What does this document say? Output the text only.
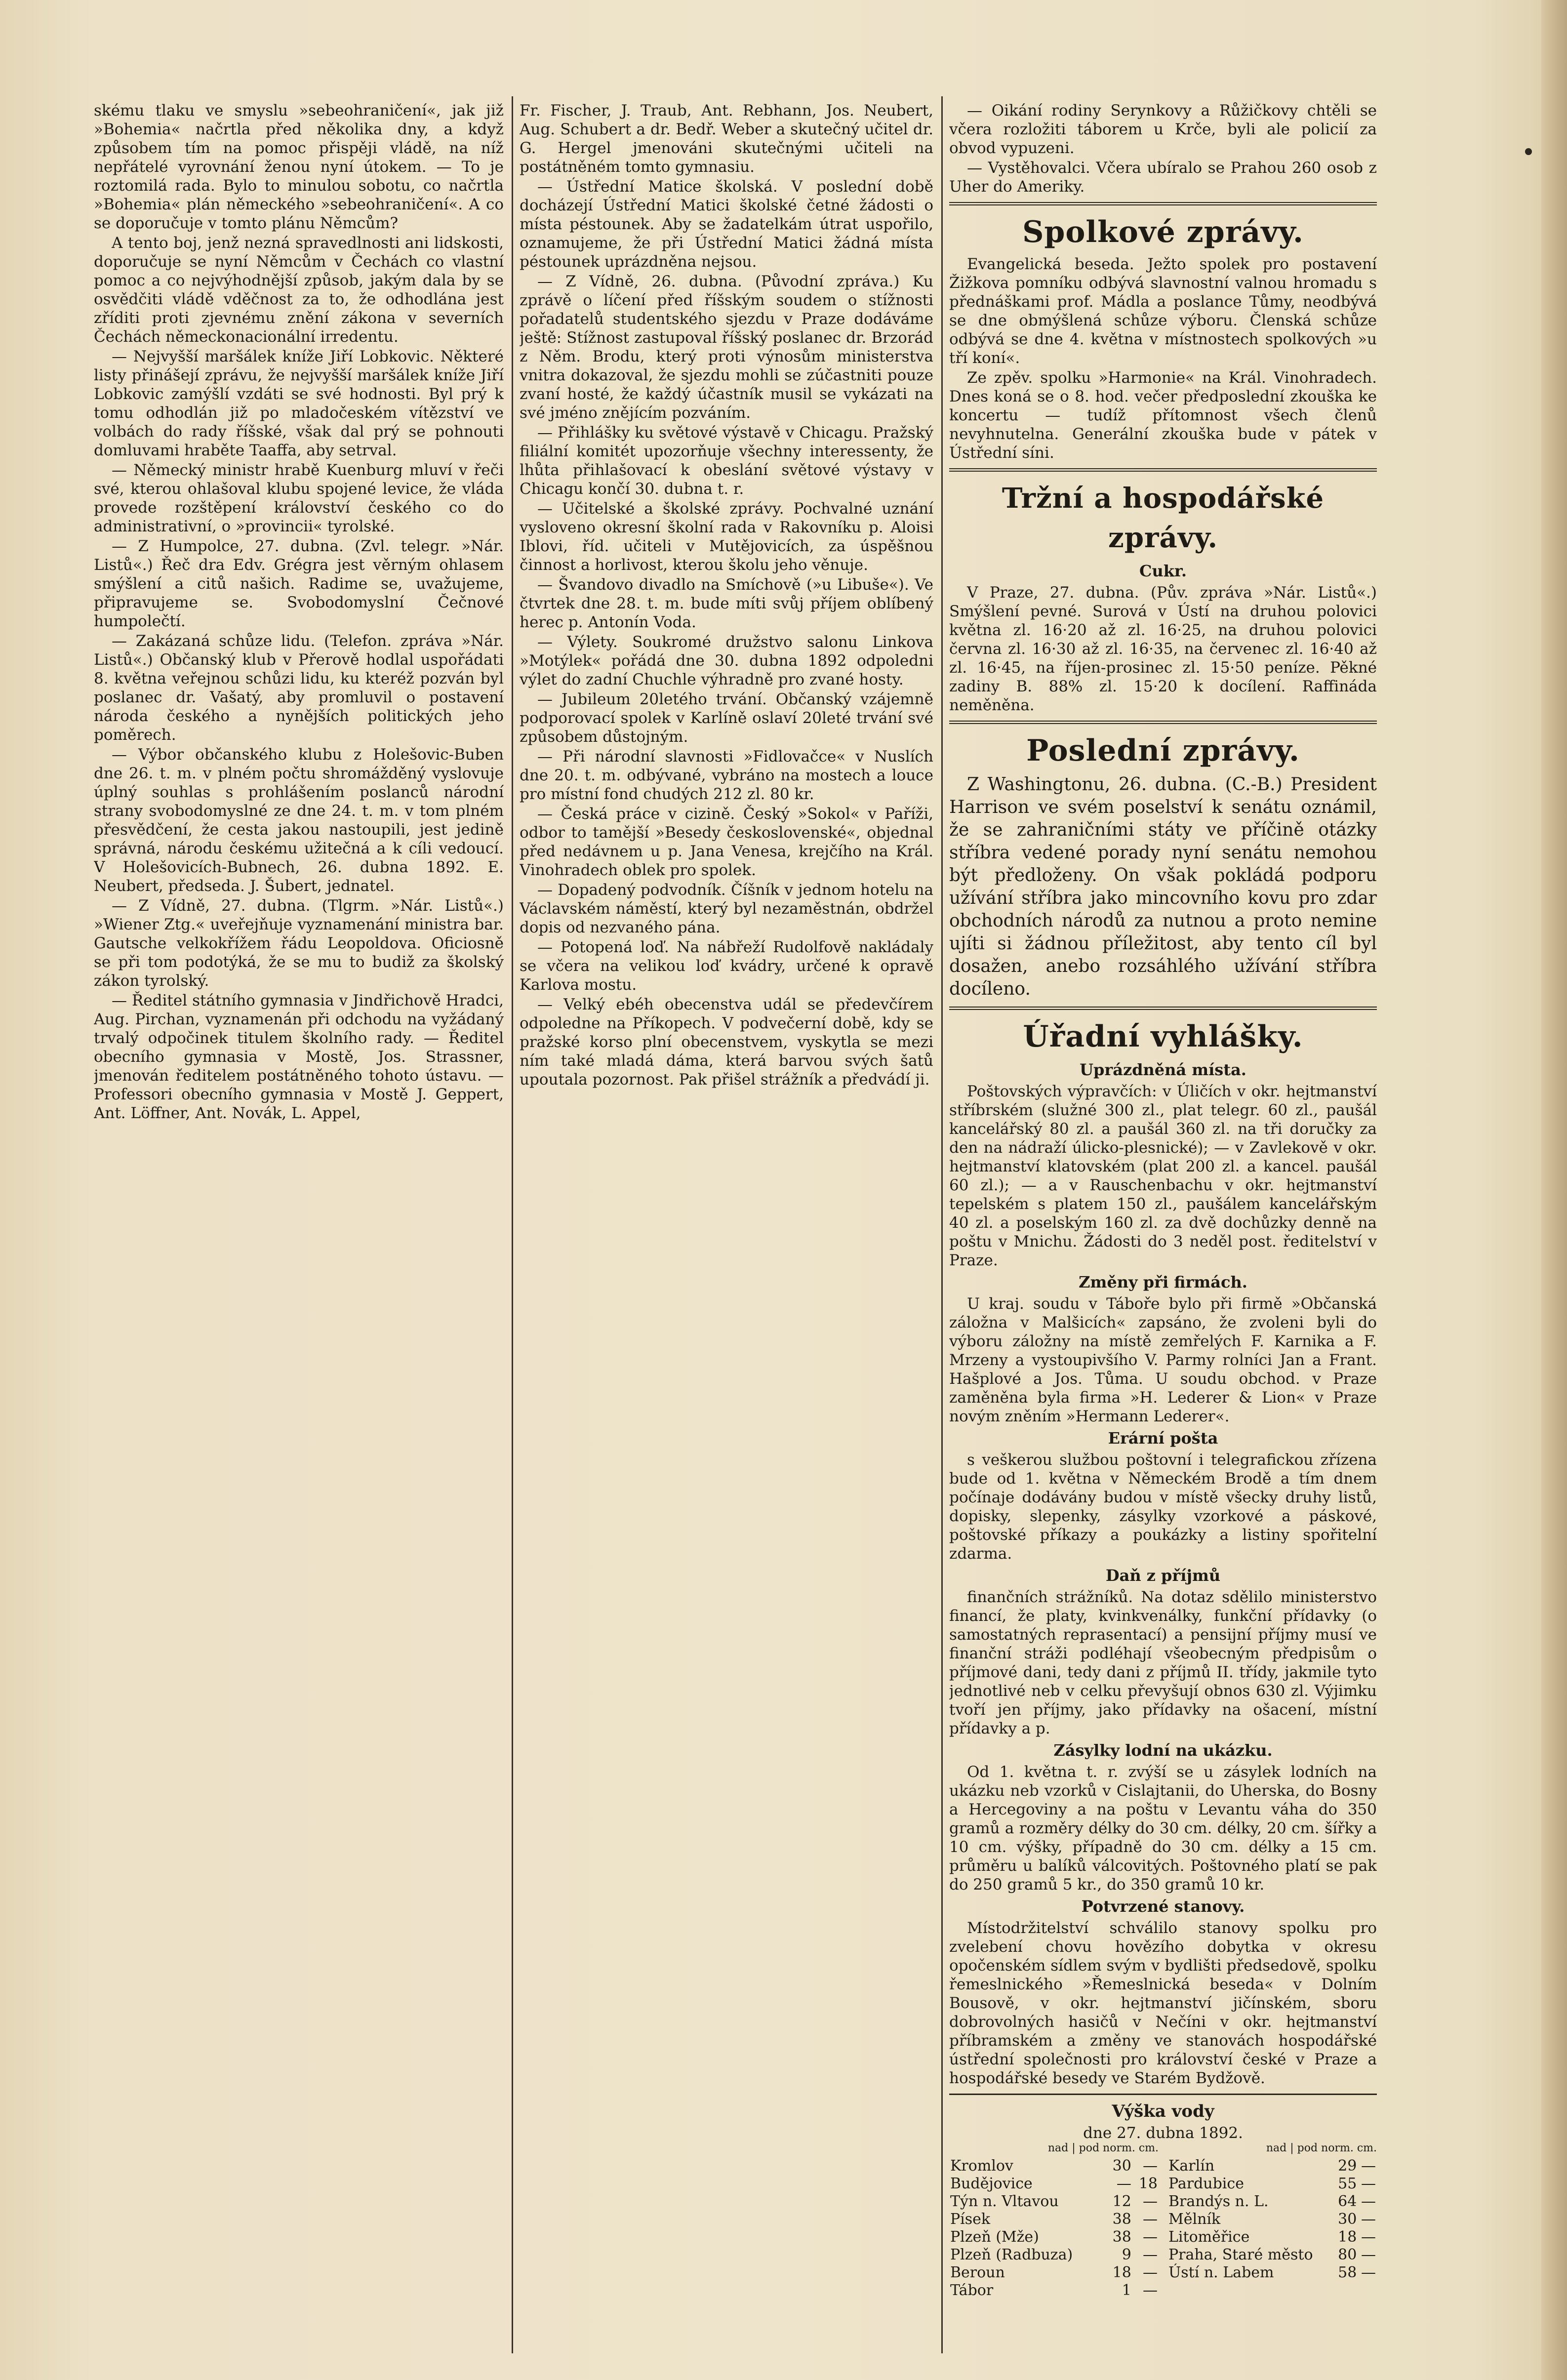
skému tlaku ve smyslu »sebeohraničení«, jak již »Bohemia« načrtla před několika dny, a když způsobem tím na pomoc přispěji vládě, na níž nepřátelé vyrovnání ženou nyní útokem. — To je roztomilá rada. Bylo to minulou sobotu, co načrtla »Bohemia« plán německého »sebeohraničení«. A co se doporučuje v tomto plánu Němcům?

A tento boj, jenž nezná spravedlnosti ani lidskosti, doporučuje se nyní Němcům v Čechách co vlastní pomoc a co nejvýhodnější způsob, jakým dala by se osvědčiti vládě vděčnost za to, že odhodlána jest zříditi proti zjevnému znění zákona v severních Čechách německonacionální irredentu.

— Nejvyšší maršálek kníže Jiří Lobkovic. Některé listy přinášejí zprávu, že nejvyšší maršálek kníže Jiří Lobkovic zamýšlí vzdáti se své hodnosti. Byl prý k tomu odhodlán již po mladočeském vítězství ve volbách do rady říšské, však dal prý se pohnouti domluvami hraběte Taaffa, aby setrval.

— Německý ministr hrabě Kuenburg mluví v řeči své, kterou ohlašoval klubu spojené levice, že vláda provede rozštěpení království českého co do administrativní, o »provincii« tyrolské.

— Z Humpolce, 27. dubna. (Zvl. telegr. »Nár. Listů«.) Řeč dra Edv. Grégra jest věrným ohlasem smýšlení a citů našich. Radime se, uvažujeme, připravujeme se. Svobodomyslní Čečnové humpolečtí.

— Zakázaná schůze lidu. (Telefon. zpráva »Nár. Listů«.) Občanský klub v Přerově hodlal uspořádati 8. května veřejnou schůzi lidu, ku kteréž pozván byl poslanec dr. Vašatý, aby promluvil o postavení národa českého a nynějších politických jeho poměrech.

— Výbor občanského klubu z Holešovic-Buben dne 26. t. m. v plném počtu shromážděný vyslovuje úplný souhlas s prohlášením poslanců národní strany svobodomyslné ze dne 24. t. m. v tom plném přesvědčení, že cesta jakou nastoupili, jest jedině správná, národu českému užitečná a k cíli vedoucí. V Holešovicích-Bubnech, 26. dubna 1892. E. Neubert, předseda. J. Šubert, jednatel.

— Z Vídně, 27. dubna. (Tlgrm. »Nár. Listů«.) »Wiener Ztg.« uveřejňuje vyznamenání ministra bar. Gautsche velkokřížem řádu Leopoldova. Oficiosně se při tom podotýká, že se mu to budiž za školský zákon tyrolský.

— Ředitel státního gymnasia v Jindřichově Hradci, Aug. Pirchan, vyznamenán při odchodu na vyžádaný trvalý odpočinek titulem školního rady. — Ředitel obecního gymnasia v Mostě, Jos. Strassner, jmenován ředitelem postátněného tohoto ústavu. — Professori obecního gymnasia v Mostě J. Geppert, Ant. Löffner, Ant. Novák, L. Appel,

Fr. Fischer, J. Traub, Ant. Rebhann, Jos. Neubert, Aug. Schubert a dr. Bedř. Weber a skutečný učitel dr. G. Hergel jmenováni skutečnými učiteli na postátněném tomto gymnasiu.

— Ústřední Matice školská. V poslední době docházejí Ústřední Matici školské četné žádosti o místa péstounek. Aby se žadatelkám útrat uspořilo, oznamujeme, že při Ústřední Matici žádná místa péstounek uprázdněna nejsou.

— Z Vídně, 26. dubna. (Původní zpráva.) Ku zprávě o líčení před říšským soudem o stížnosti pořadatelů studentského sjezdu v Praze dodáváme ještě: Stížnost zastupoval říšský poslanec dr. Brzorád z Něm. Brodu, který proti výnosům ministerstva vnitra dokazoval, že sjezdu mohli se zúčastniti pouze zvaní hosté, že každý účastník musil se vykázati na své jméno znějícím pozváním.

— Přihlášky ku světové výstavě v Chicagu. Pražský filiální komitét upozorňuje všechny interessenty, že lhůta přihlašovací k obeslání světové výstavy v Chicagu končí 30. dubna t. r.

— Učitelské a školské zprávy. Pochvalné uznání vysloveno okresní školní rada v Rakovníku p. Aloisi Iblovi, říd. učiteli v Mutějovicích, za úspěšnou činnost a horlivost, kterou školu jeho věnuje.

— Švandovo divadlo na Smíchově (»u Libuše«). Ve čtvrtek dne 28. t. m. bude míti svůj příjem oblíbený herec p. Antonín Voda.

— Výlety. Soukromé družstvo salonu Linkova »Motýlek« pořádá dne 30. dubna 1892 odpoledni výlet do zadní Chuchle výhradně pro zvané hosty.

— Jubileum 20letého trvání. Občanský vzájemně podporovací spolek v Karlíně oslaví 20leté trvání své způsobem důstojným.

— Při národní slavnosti »Fidlovačce« v Nuslích dne 20. t. m. odbývané, vybráno na mostech a louce pro místní fond chudých 212 zl. 80 kr.

— Česká práce v cizině. Český »Sokol« v Paříži, odbor to tamější »Besedy československé«, objednal před nedávnem u p. Jana Venesa, krejčího na Král. Vinohradech oblek pro spolek.

— Dopadený podvodník. Číšník v jednom hotelu na Václavském náměstí, který byl nezaměstnán, obdržel dopis od nezvaného pána.

— Potopená loď. Na nábřeží Rudolfově nakládaly se včera na velikou loď kvádry, určené k opravě Karlova mostu.

— Velký ebéh obecenstva udál se předevčírem odpoledne na Příkopech. V podvečerní době, kdy se pražské korso plní obecenstvem, vyskytla se mezi ním také mladá dáma, která barvou svých šatů upoutala pozornost. Pak přišel strážník a předvádí ji.

— Oikání rodiny Serynkovy a Růžičkovy chtěli se včera rozložiti táborem u Krče, byli ale policií za obvod vypuzeni.

— Vystěhovalci. Včera ubíralo se Prahou 260 osob z Uher do Ameriky.

Spolkové zprávy.

Evangelická beseda. Ježto spolek pro postavení Žižkova pomníku odbývá slavnostní valnou hromadu s přednáškami prof. Mádla a poslance Tůmy, neodbývá se dne obmýšlená schůze výboru. Členská schůze odbývá se dne 4. května v místnostech spolkových »u tří koní«.

Ze zpěv. spolku »Harmonie« na Král. Vinohradech. Dnes koná se o 8. hod. večer předposlední zkouška ke koncertu — tudíž přítomnost všech členů nevyhnutelna. Generální zkouška bude v pátek v Ústřední síni.

Tržní a hospodářské zprávy.
Cukr.

V Praze, 27. dubna. (Pův. zpráva »Nár. Listů«.) Smýšlení pevné. Surová v Ústí na druhou polovici května zl. 16·20 až zl. 16·25, na druhou polovici června zl. 16·30 až zl. 16·35, na červenec zl. 16·40 až zl. 16·45, na říjen-prosinec zl. 15·50 peníze. Pěkné zadiny B. 88% zl. 15·20 k docílení. Raffináda neměněna.

Poslední zprávy.

Z Washingtonu, 26. dubna. (C.-B.) President Harrison ve svém poselství k senátu oznámil, že se zahraničními státy ve příčině otázky stříbra vedené porady nyní senátu nemohou být předloženy. On však pokládá podporu užívání stříbra jako mincovního kovu pro zdar obchodních národů za nutnou a proto nemine ujíti si žádnou příležitost, aby tento cíl byl dosažen, anebo rozsáhlého užívání stříbra docíleno.

Úřadní vyhlášky.
Uprázdněná místa.

Poštovských výpravčích: v Úličích v okr. hejtmanství stříbrském (služné 300 zl., plat telegr. 60 zl., paušál kancelářský 80 zl. a paušál 360 zl. na tři doručky za den na nádraží úlicko-plesnické); — v Zavlekově v okr. hejtmanství klatovském (plat 200 zl. a kancel. paušál 60 zl.); — a v Rauschenbachu v okr. hejtmanství tepelském s platem 150 zl., paušálem kancelářským 40 zl. a poselským 160 zl. za dvě dochůzky denně na poštu v Mnichu. Žádosti do 3 neděl post. ředitelství v Praze.

Změny při firmách.

U kraj. soudu v Táboře bylo při firmě »Občanská záložna v Malšicích« zapsáno, že zvoleni byli do výboru záložny na místě zemřelých F. Karnika a F. Mrzeny a vystoupivšího V. Parmy rolníci Jan a Frant. Hašplové a Jos. Tůma. U soudu obchod. v Praze zaměněna byla firma »H. Lederer & Lion« v Praze novým zněním »Hermann Lederer«.

Erární pošta

s veškerou službou poštovní i telegrafickou zřízena bude od 1. května v Německém Brodě a tím dnem počínaje dodávány budou v místě všecky druhy listů, dopisky, slepenky, zásylky vzorkové a páskové, poštovské příkazy a poukázky a listiny spořitelní zdarma.

Daň z příjmů

finančních strážníků. Na dotaz sdělilo ministerstvo financí, že platy, kvinkvenálky, funkční přídavky (o samostatných reprasentací) a pensijní příjmy musí ve finanční stráži podléhají všeobecným předpisům o příjmové dani, tedy dani z příjmů II. třídy, jakmile tyto jednotlivé neb v celku převyšují obnos 630 zl. Výjimku tvoří jen příjmy, jako přídavky na ošacení, místní přídavky a p.

Zásylky lodní na ukázku.

Od 1. května t. r. zvýší se u zásylek lodních na ukázku neb vzorků v Cislajtanii, do Uherska, do Bosny a Hercegoviny a na poštu v Levantu váha do 350 gramů a rozměry délky do 30 cm. délky, 20 cm. šířky a 10 cm. výšky, případně do 30 cm. délky a 15 cm. průměru u balíků válcovitých. Poštovného platí se pak do 250 gramů 5 kr., do 350 gramů 10 kr.

Potvrzené stanovy.

Místodržitelství schválilo stanovy spolku pro zvelebení chovu hovězího dobytka v okresu opočenském sídlem svým v bydlišti předsedově, spolku řemeslnického »Řemeslnická beseda« v Dolním Bousově, v okr. hejtmanství jičínském, sboru dobrovolných hasičů v Nečíni v okr. hejtmanství příbramském a změny ve stanovách hospodářské ústřední společnosti pro království české v Praze a hospodářské besedy ve Starém Bydžově.

Výška vody
dne 27. dubna 1892.
nad | pod norm. cm.
Kromlov	30	—
Budějovice	—	18
Týn n. Vltavou	12	—
Písek	38	—
Plzeň (Mže)	38	—
Plzeň (Radbuza)	9	—
Beroun	18	—
Tábor	1	—
nad | pod norm. cm.
Karlín	29	—
Pardubice	55	—
Brandýs n. L.	64	—
Mělník	30	—
Litoměřice	18	—
Praha, Staré město	80	—
Ústí n. Labem	58	—
